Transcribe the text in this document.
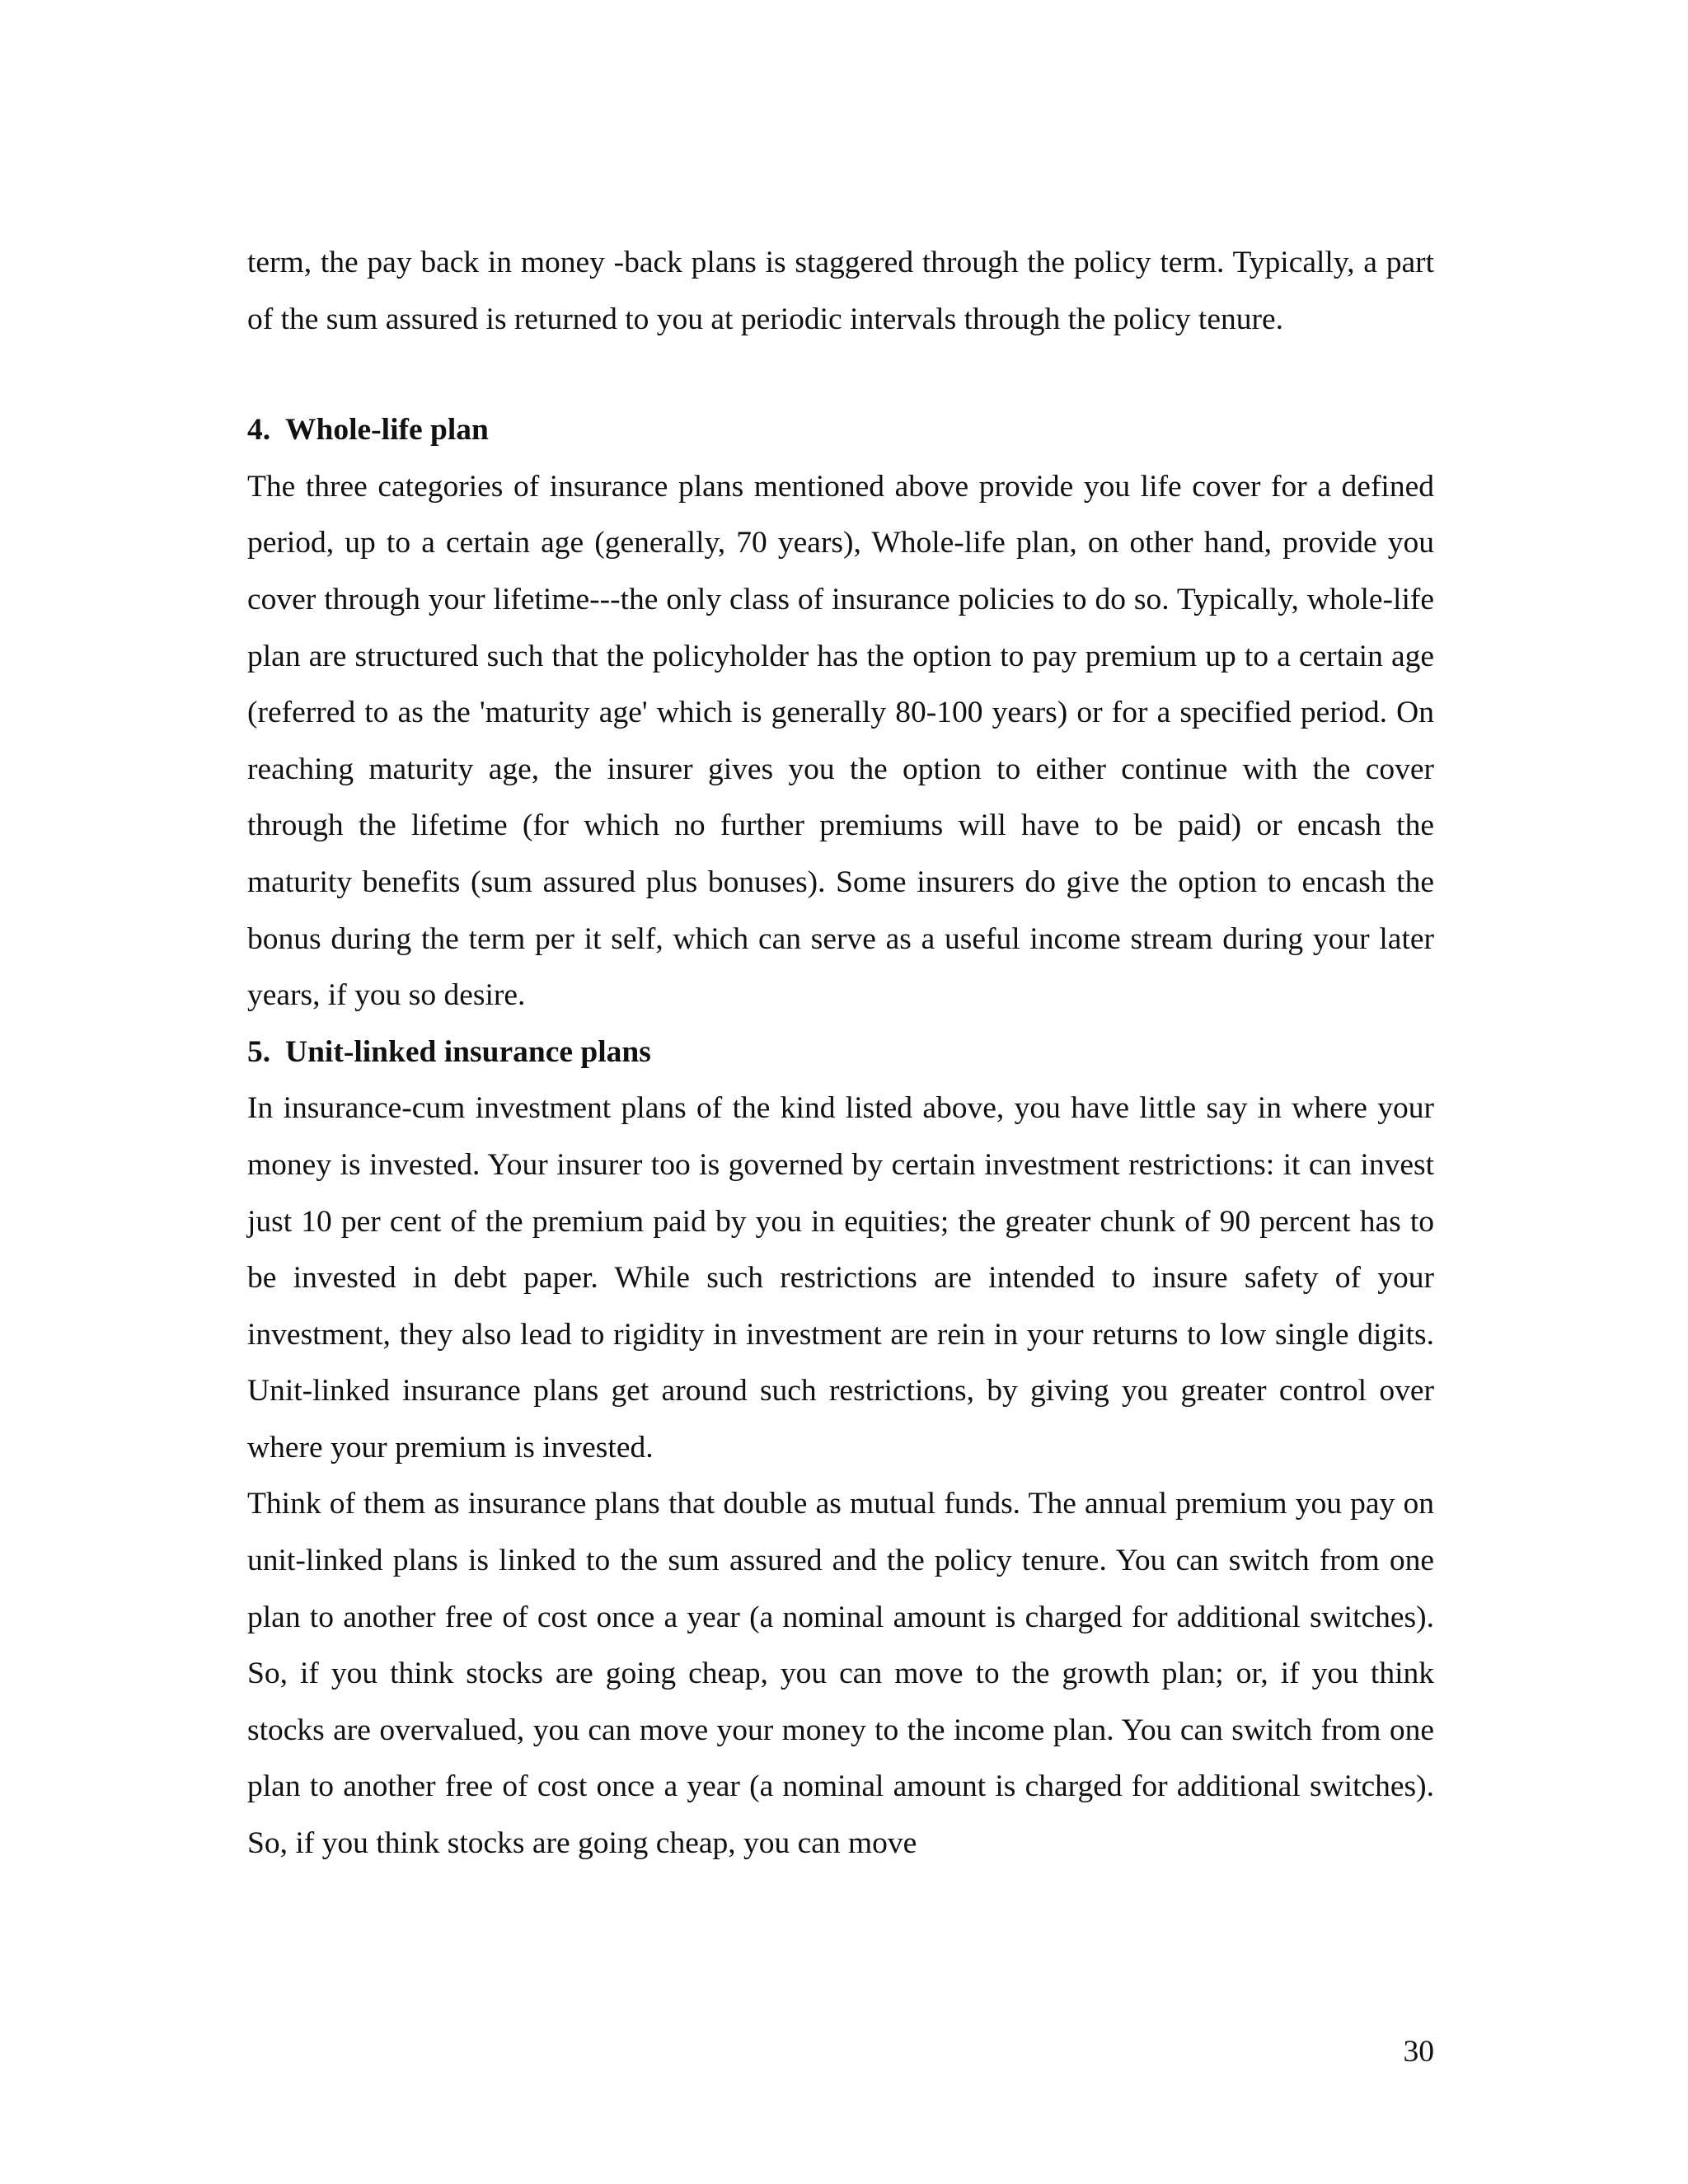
term, the pay back in money -back plans is staggered through the policy term. Typically, a part of the sum assured is returned to you at periodic intervals through the policy tenure.

4. Whole-life plan

The three categories of insurance plans mentioned above provide you life cover for a defined period, up to a certain age (generally, 70 years), Whole-life plan, on other hand, provide you cover through your lifetime---the only class of insurance policies to do so. Typically, whole-life plan are structured such that the policyholder has the option to pay premium up to a certain age (referred to as the 'maturity age' which is generally 80-100 years) or for a specified period. On reaching maturity age, the insurer gives you the option to either continue with the cover through the lifetime (for which no further premiums will have to be paid) or encash the maturity benefits (sum assured plus bonuses). Some insurers do give the option to encash the bonus during the term per it self, which can serve as a useful income stream during your later years, if you so desire.

5. Unit-linked insurance plans

In insurance-cum investment plans of the kind listed above, you have little say in where your money is invested. Your insurer too is governed by certain investment restrictions: it can invest just 10 per cent of the premium paid by you in equities; the greater chunk of 90 percent has to be invested in debt paper. While such restrictions are intended to insure safety of your investment, they also lead to rigidity in investment are rein in your returns to low single digits. Unit-linked insurance plans get around such restrictions, by giving you greater control over where your premium is invested.

Think of them as insurance plans that double as mutual funds. The annual premium you pay on unit-linked plans is linked to the sum assured and the policy tenure. You can switch from one plan to another free of cost once a year (a nominal amount is charged for additional switches). So, if you think stocks are going cheap, you can move to the growth plan; or, if you think stocks are overvalued, you can move your money to the income plan. You can switch from one plan to another free of cost once a year (a nominal amount is charged for additional switches). So, if you think stocks are going cheap, you can move

30
